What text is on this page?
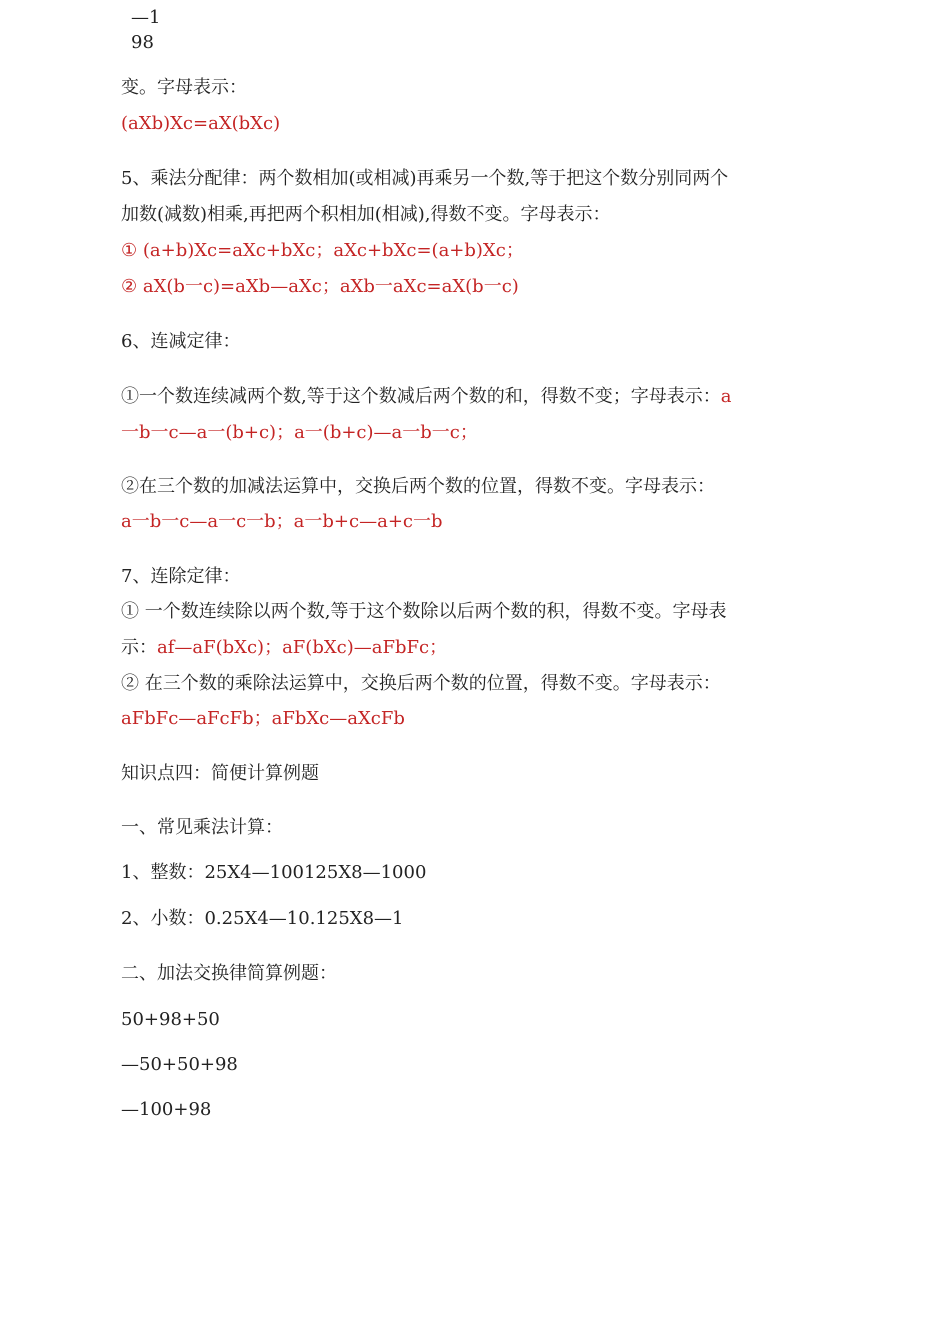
—1
98
变。字母表示：
(aXb)Xc=aX(bXc)
5、乘法分配律：两个数相加(或相减)再乘另一个数,等于把这个数分别同两个
加数(减数)相乘,再把两个积相加(相减),得数不变。字母表示：
① (a+b)Xc=aXc+bXc；aXc+bXc=(a+b)Xc；
② aX(b一c)=aXb—aXc；aXb一aXc=aX(b一c)
6、连减定律：
①一个数连续减两个数,等于这个数减后两个数的和，得数不变；字母表示：a
一b一c—a一(b+c)；a一(b+c)—a一b一c；
②在三个数的加减法运算中，交换后两个数的位置，得数不变。字母表示：
a一b一c—a一c一b；a一b+c—a+c一b
7、连除定律：
① 一个数连续除以两个数,等于这个数除以后两个数的积，得数不变。字母表
示：af—aF(bXc)；aF(bXc)—aFbFc；
② 在三个数的乘除法运算中，交换后两个数的位置，得数不变。字母表示：
aFbFc—aFcFb；aFbXc—aXcFb
知识点四：简便计算例题
一、常见乘法计算：
1、整数：25X4—100125X8—1000
2、小数：0.25X4—10.125X8—1
二、加法交换律简算例题：
50+98+50
—50+50+98
—100+98
